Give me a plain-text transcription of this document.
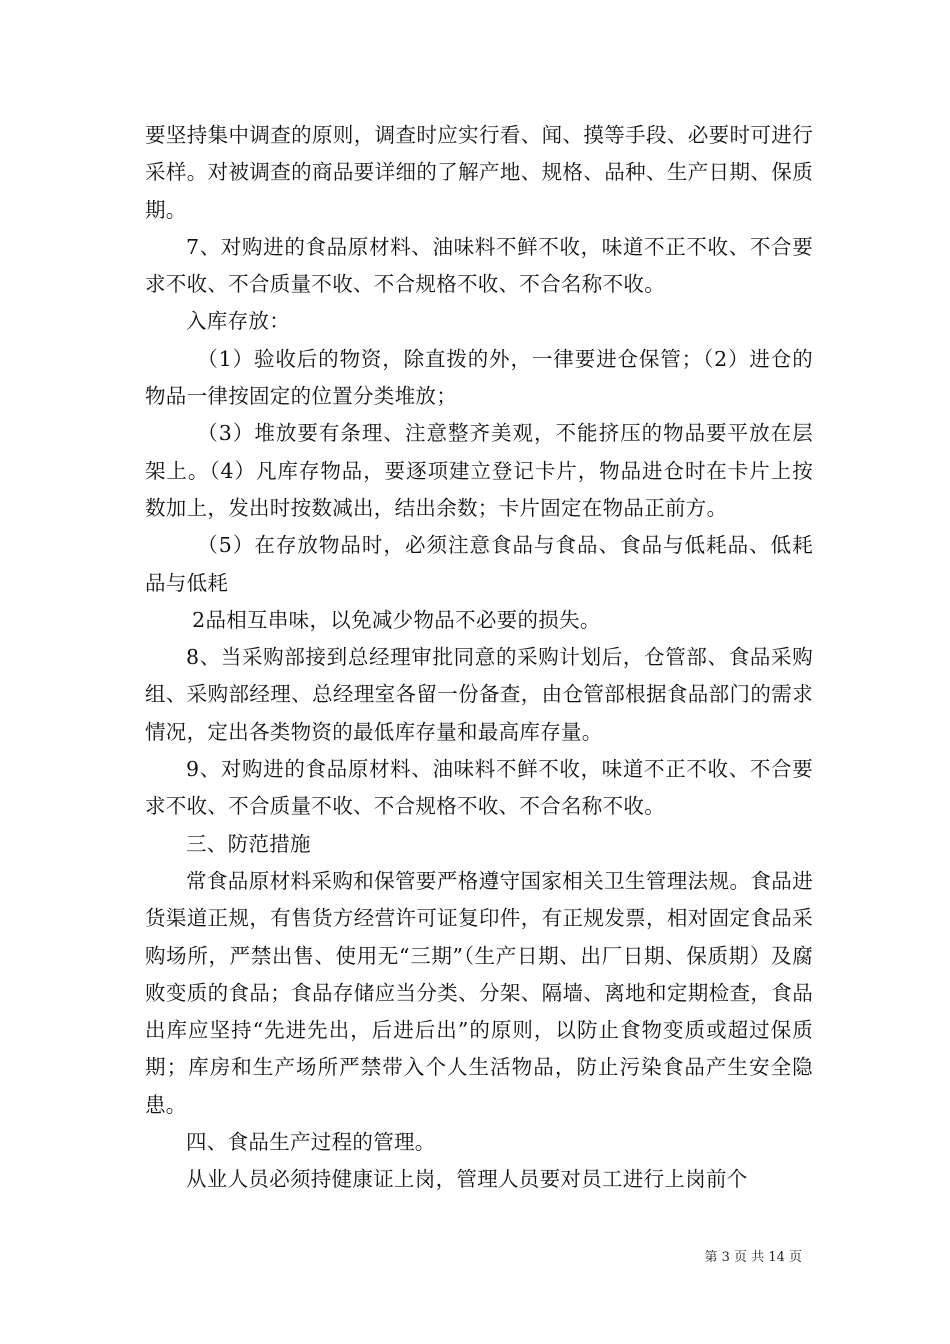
要坚持集中调查的原则，调查时应实行看、闻、摸等手段、必要时可进行采样。对被调查的商品要详细的了解产地、规格、品种、生产日期、保质期。

7、对购进的食品原材料、油味料不鲜不收，味道不正不收、不合要求不收、不合质量不收、不合规格不收、不合名称不收。

入库存放：

（1）验收后的物资，除直拨的外，一律要进仓保管；（2）进仓的物品一律按固定的位置分类堆放；

（3）堆放要有条理、注意整齐美观，不能挤压的物品要平放在层架上。（4）凡库存物品，要逐项建立登记卡片，物品进仓时在卡片上按数加上，发出时按数减出，结出余数；卡片固定在物品正前方。

（5）在存放物品时，必须注意食品与食品、食品与低耗品、低耗品与低耗

2品相互串味，以免减少物品不必要的损失。

8、当采购部接到总经理审批同意的采购计划后，仓管部、食品采购组、采购部经理、总经理室各留一份备查，由仓管部根据食品部门的需求情况，定出各类物资的最低库存量和最高库存量。

9、对购进的食品原材料、油味料不鲜不收，味道不正不收、不合要求不收、不合质量不收、不合规格不收、不合名称不收。

三、防范措施

常食品原材料采购和保管要严格遵守国家相关卫生管理法规。食品进货渠道正规，有售货方经营许可证复印件，有正规发票，相对固定食品采购场所，严禁出售、使用无“三期”（生产日期、出厂日期、保质期）及腐败变质的食品；食品存储应当分类、分架、隔墙、离地和定期检查，食品出库应坚持“先进先出，后进后出”的原则，以防止食物变质或超过保质期；库房和生产场所严禁带入个人生活物品，防止污染食品产生安全隐患。

四、食品生产过程的管理。

从业人员必须持健康证上岗，管理人员要对员工进行上岗前个

第 3 页 共 14 页
